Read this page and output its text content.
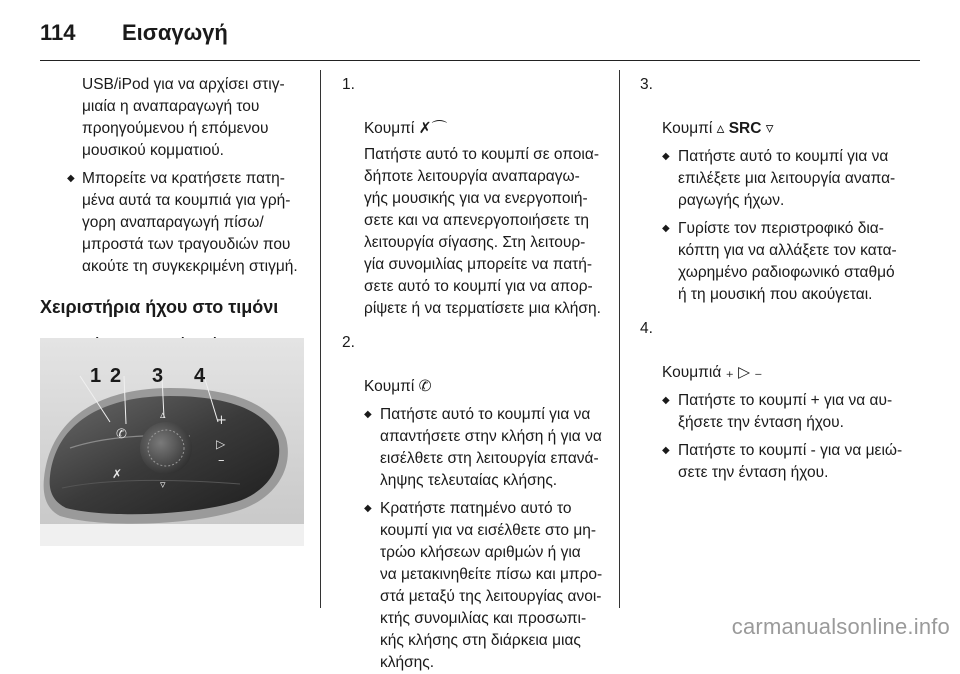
114 Εισαγωγή
USB/iPod για να αρχίσει στιγ-
μιαία η αναπαραγωγή του
προηγούμενου ή επόμενου
μουσικού κομματιού.
◆ Μπορείτε να κρατήσετε πατη-
μένα αυτά τα κουμπιά για γρή-
γορη αναπαραγωγή πίσω/
μπροστά των τραγουδιών που
ακούτε τη συγκεκριμένη στιγμή.
Χειριστήρια ήχου στο τιμόνι
✆
✗
▵
▿
+
▷
–
1 2 3 4

1.

Κουμπί ✗⌒

Πατήστε αυτό το κουμπί σε οποια-
δήποτε λειτουργία αναπαραγω-
γής μουσικής για να ενεργοποιή-
σετε και να απενεργοποιήσετε τη
λειτουργία σίγασης. Στη λειτουρ-
γία συνομιλίας μπορείτε να πατή-
σετε αυτό το κουμπί για να απορ-
ρίψετε ή να τερματίσετε μια κλήση.

2.

Κουμπί ✆

◆ Πατήστε αυτό το κουμπί για να
απαντήσετε στην κλήση ή για να
εισέλθετε στη λειτουργία επανά-
ληψης τελευταίας κλήσης.
◆ Κρατήστε πατημένο αυτό το
κουμπί για να εισέλθετε στο μη-
τρώο κλήσεων αριθμών ή για
να μετακινηθείτε πίσω και μπρο-
στά μεταξύ της λειτουργίας ανοι-
κτής συνομιλίας και προσωπι-
κής κλήσης στη διάρκεια μιας
κλήσης.

3.

Κουμπί ▵ SRC ▿

◆ Πατήστε αυτό το κουμπί για να
επιλέξετε μια λειτουργία αναπα-
ραγωγής ήχων.
◆ Γυρίστε τον περιστροφικό δια-
κόπτη για να αλλάξετε τον κατα-
χωρημένο ραδιοφωνικό σταθμό
ή τη μουσική που ακούγεται.

4.

Κουμπιά ₊ ▷ ₋

◆ Πατήστε το κουμπί + για να αυ-
ξήσετε την ένταση ήχου.
◆ Πατήστε το κουμπί - για να μειώ-
σετε την ένταση ήχου.
carmanualsonline.info
